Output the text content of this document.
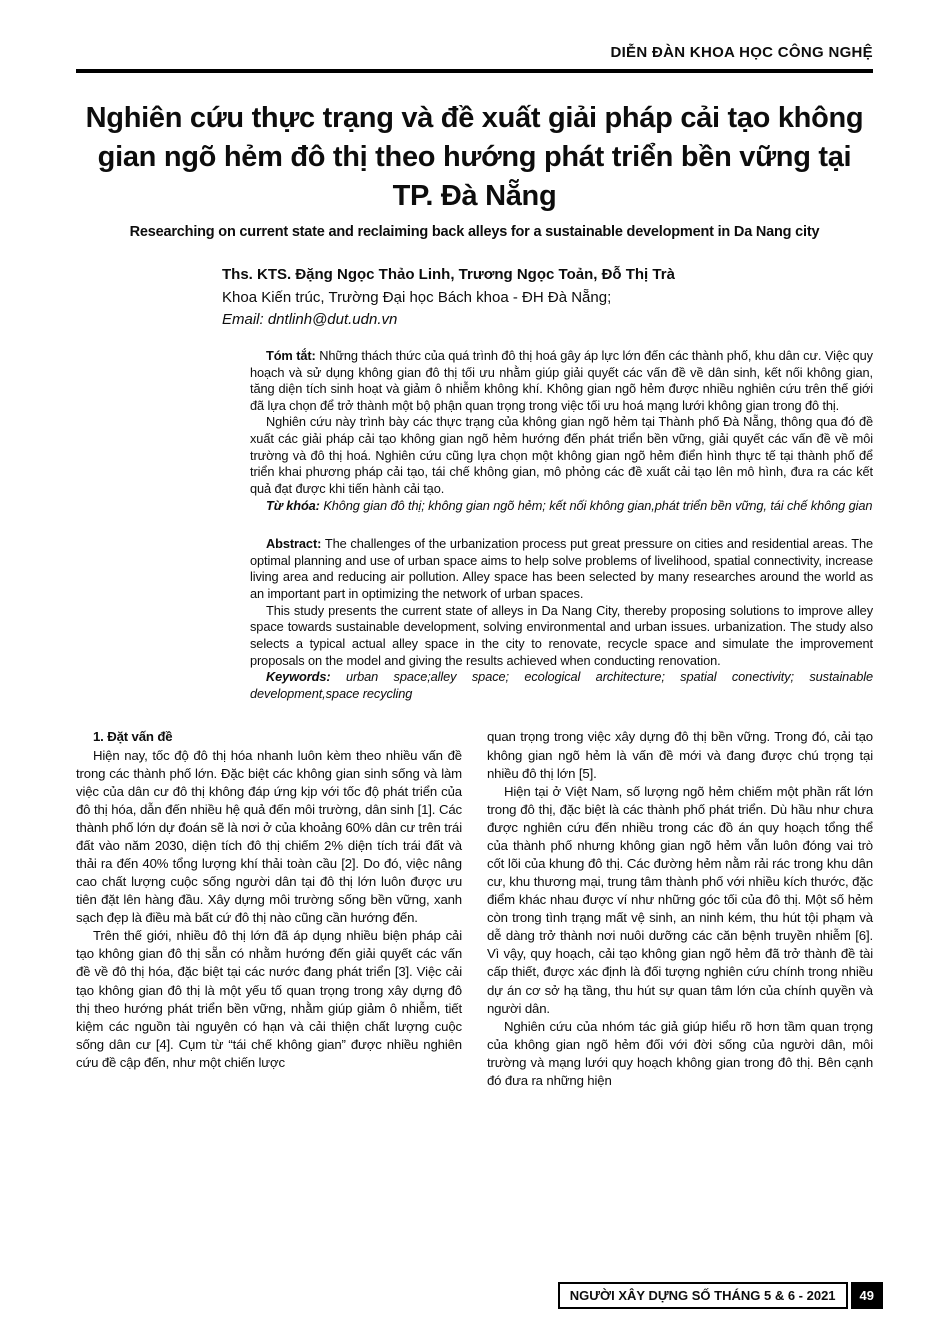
DIỄN ĐÀN KHOA HỌC CÔNG NGHỆ
Nghiên cứu thực trạng và đề xuất giải pháp cải tạo không gian ngõ hẻm đô thị theo hướng phát triển bền vững tại TP. Đà Nẵng
Researching on current state and reclaiming back alleys for a sustainable development in Da Nang city
Ths. KTS. Đặng Ngọc Thảo Linh, Trương Ngọc Toản, Đỗ Thị Trà
Khoa Kiến trúc, Trường Đại học Bách khoa - ĐH Đà Nẵng;
Email: dntlinh@dut.udn.vn

Tóm tắt: Những thách thức của quá trình đô thị hoá gây áp lực lớn đến các thành phố, khu dân cư. Việc quy hoạch và sử dụng không gian đô thị tối ưu nhằm giúp giải quyết các vấn đề về dân sinh, kết nối không gian, tăng diện tích sinh hoạt và giảm ô nhiễm không khí. Không gian ngõ hẻm được nhiều nghiên cứu trên thế giới đã lựa chọn để trở thành một bộ phận quan trọng trong việc tối ưu hoá mạng lưới không gian trong đô thị.

Nghiên cứu này trình bày các thực trạng của không gian ngõ hẻm tại Thành phố Đà Nẵng, thông qua đó đề xuất các giải pháp cải tạo không gian ngõ hẻm hướng đến phát triển bền vững, giải quyết các vấn đề về môi trường và đô thị hoá. Nghiên cứu cũng lựa chọn một không gian ngõ hẻm điển hình thực tế tại thành phố để triển khai phương pháp cải tạo, tái chế không gian, mô phỏng các đề xuất cải tạo lên mô hình, đưa ra các kết quả đạt được khi tiến hành cải tạo.

Từ khóa: Không gian đô thị; không gian ngõ hẻm; kết nối không gian,phát triển bền vững, tái chế không gian

Abstract: The challenges of the urbanization process put great pressure on cities and residential areas. The optimal planning and use of urban space aims to help solve problems of livelihood, spatial connectivity, increase living area and reducing air pollution. Alley space has been selected by many researches around the world as an important part in optimizing the network of urban spaces.

This study presents the current state of alleys in Da Nang City, thereby proposing solutions to improve alley space towards sustainable development, solving environmental and urban issues. urbanization. The study also selects a typical actual alley space in the city to renovate, recycle space and simulate the improvement proposals on the model and giving the results achieved when conducting renovation.

Keywords: urban space;alley space; ecological architecture; spatial conectivity; sustainable development,space recycling

1. Đặt vấn đề

Hiện nay, tốc độ đô thị hóa nhanh luôn kèm theo nhiều vấn đề trong các thành phố lớn. Đặc biệt các không gian sinh sống và làm việc của dân cư đô thị không đáp ứng kịp với tốc độ phát triển của đô thị hóa, dẫn đến nhiều hệ quả đến môi trường, dân sinh [1]. Các thành phố lớn dự đoán sẽ là nơi ở của khoảng 60% dân cư trên trái đất vào năm 2030, diện tích đô thị chiếm 2% diện tích trái đất và thải ra đến 40% tổng lượng khí thải toàn cầu [2]. Do đó, việc nâng cao chất lượng cuộc sống người dân tại đô thị lớn luôn được ưu tiên đặt lên hàng đầu. Xây dựng môi trường sống bền vững, xanh sạch đẹp là điều mà bất cứ đô thị nào cũng cần hướng đến.

Trên thế giới, nhiều đô thị lớn đã áp dụng nhiều biện pháp cải tạo không gian đô thị sẵn có nhằm hướng đến giải quyết các vấn đề về đô thị hóa, đặc biệt tại các nước đang phát triển [3]. Việc cải tạo không gian đô thị là một yếu tố quan trọng trong xây dựng đô thị theo hướng phát triển bền vững, nhằm giúp giảm ô nhiễm, tiết kiệm các nguồn tài nguyên có hạn và cải thiện chất lượng cuộc sống dân cư [4]. Cụm từ “tái chế không gian” được nhiều nghiên cứu đề cập đến, như một chiến lược

quan trọng trong việc xây dựng đô thị bền vững. Trong đó, cải tạo không gian ngõ hẻm là vấn đề mới và đang được chú trọng tại nhiều đô thị lớn [5].

Hiện tại ở Việt Nam, số lượng ngõ hẻm chiếm một phần rất lớn trong đô thị, đặc biệt là các thành phố phát triển. Dù hầu như chưa được nghiên cứu đến nhiều trong các đồ án quy hoạch tổng thể của thành phố nhưng không gian ngõ hẻm vẫn luôn đóng vai trò cốt lõi của khung đô thị. Các đường hẻm nằm rải rác trong khu dân cư, khu thương mại, trung tâm thành phố với nhiều kích thước, đặc điểm khác nhau được ví như những góc tối của đô thị. Một số hẻm còn trong tình trạng mất vệ sinh, an ninh kém, thu hút tội phạm và dễ dàng trở thành nơi nuôi dưỡng các căn bệnh truyền nhiễm [6]. Vì vậy, quy hoạch, cải tạo không gian ngõ hẻm đã trở thành đề tài cấp thiết, được xác định là đối tượng nghiên cứu chính trong nhiều dự án cơ sở hạ tầng, thu hút sự quan tâm lớn của chính quyền và người dân.

Nghiên cứu của nhóm tác giả giúp hiểu rõ hơn tầm quan trọng của không gian ngõ hẻm đối với đời sống của người dân, môi trường và mạng lưới quy hoạch không gian trong đô thị. Bên cạnh đó đưa ra những hiện

NGƯỜI XÂY DỰNG SỐ THÁNG 5 & 6 - 2021	49
